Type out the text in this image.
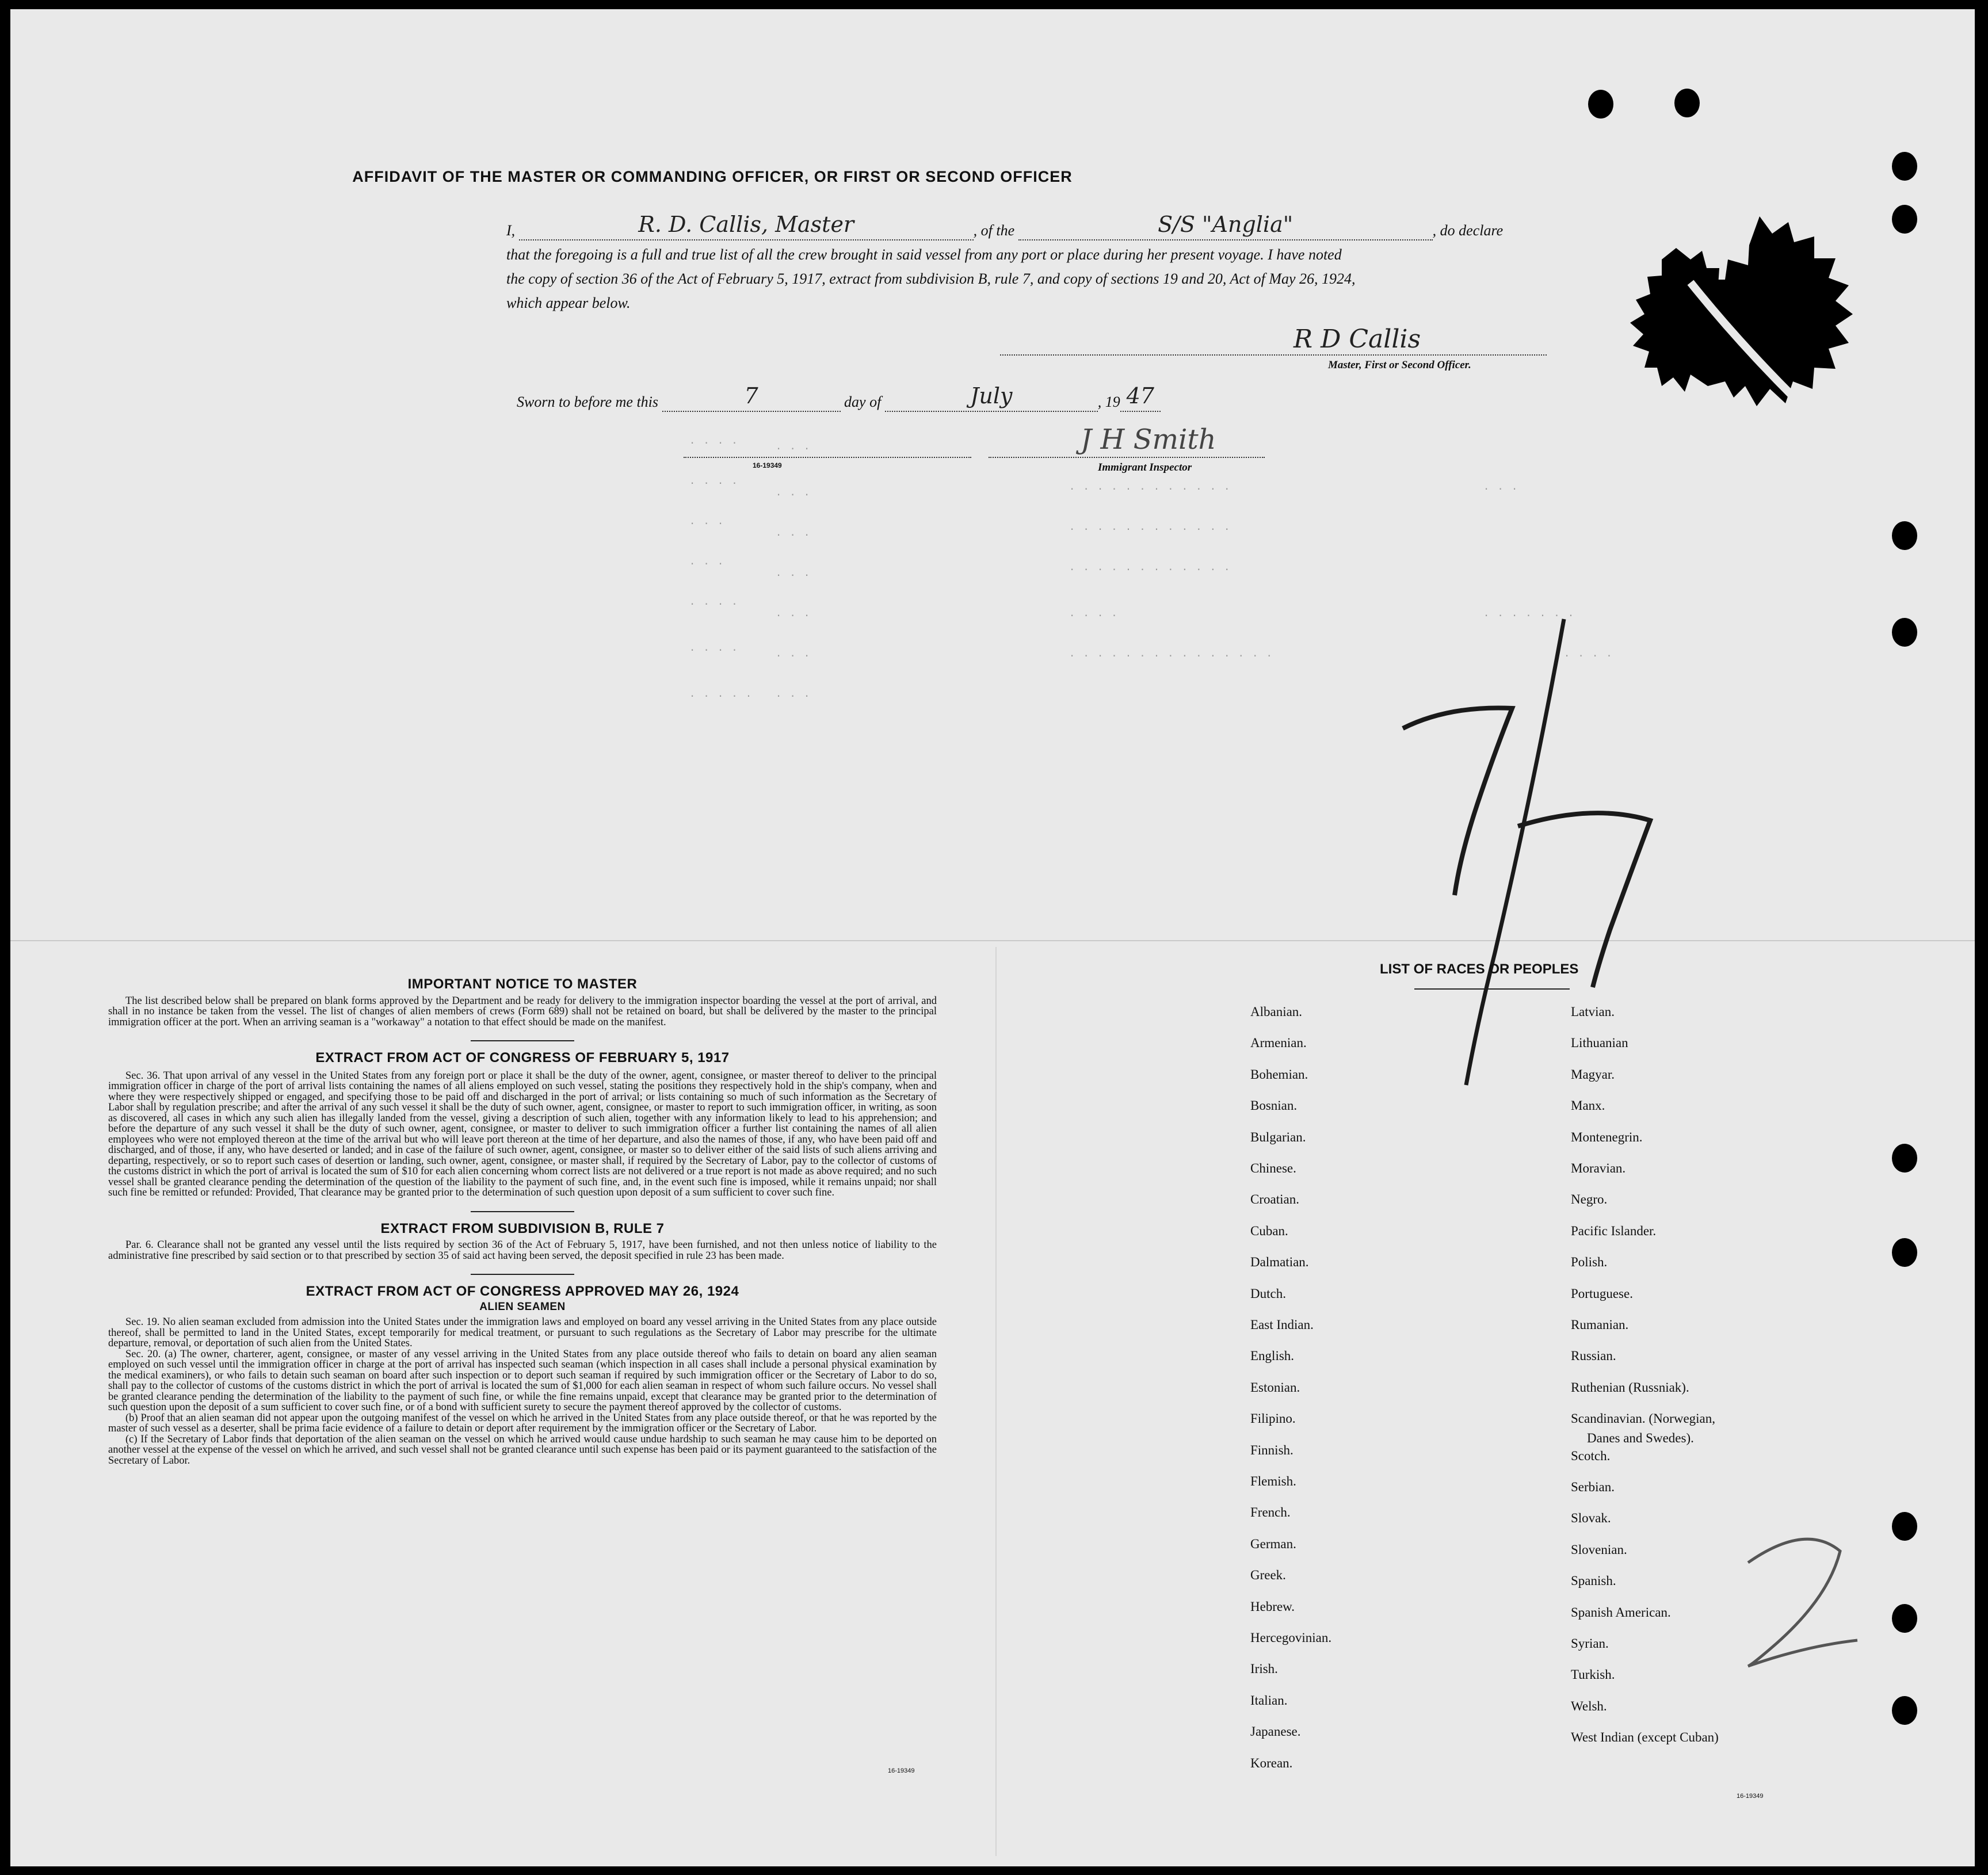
AFFIDAVIT OF THE MASTER OR COMMANDING OFFICER, OR FIRST OR SECOND OFFICER
I,	R. D. Callis, Master	, of the	S/S "Anglia"	, do declare
that the foregoing is a full and true list of all the crew brought in said vessel from any port or place during her present voyage. I have noted
the copy of section 36 of the Act of February 5, 1917, extract from subdivision B, rule 7, and copy of sections 19 and 20, Act of May 26, 1924,
which appear below.
R D Callis
Master, First or Second Officer.
Sworn to before me this	7	day of	July	, 19 47

J H Smith
Immigrant Inspector
16-19349
. . . .
. . . .
. . .
. . .
. . . .
. . . .
. . . . .
. . .
. . .
. . .
. . .
. . .
. . .
. . .
. . . . . . . . . . . .
. . . . . . . . . . . .
. . . . . . . . . . . .
. . . .
. . . . . . . . . . . . . . .
. . .
. . . . . . .
. . . .
IMPORTANT NOTICE TO MASTER

The list described below shall be prepared on blank forms approved by the Department and be ready for delivery to the immigration inspector boarding the vessel at the port of arrival, and shall in no instance be taken from the vessel. The list of changes of alien members of crews (Form 689) shall not be retained on board, but shall be delivered by the master to the principal immigration officer at the port. When an arriving seaman is a "workaway" a notation to that effect should be made on the manifest.

EXTRACT FROM ACT OF CONGRESS OF FEBRUARY 5, 1917

Sec. 36. That upon arrival of any vessel in the United States from any foreign port or place it shall be the duty of the owner, agent, consignee, or master thereof to deliver to the principal immigration officer in charge of the port of arrival lists containing the names of all aliens employed on such vessel, stating the positions they respectively hold in the ship's company, when and where they were respectively shipped or engaged, and specifying those to be paid off and discharged in the port of arrival; or lists containing so much of such information as the Secretary of Labor shall by regulation prescribe; and after the arrival of any such vessel it shall be the duty of such owner, agent, consignee, or master to report to such immigration officer, in writing, as soon as discovered, all cases in which any such alien has illegally landed from the vessel, giving a description of such alien, together with any information likely to lead to his apprehension; and before the departure of any such vessel it shall be the duty of such owner, agent, consignee, or master to deliver to such immigration officer a further list containing the names of all alien employees who were not employed thereon at the time of the arrival but who will leave port thereon at the time of her departure, and also the names of those, if any, who have been paid off and discharged, and of those, if any, who have deserted or landed; and in case of the failure of such owner, agent, consignee, or master so to deliver either of the said lists of such aliens arriving and departing, respectively, or so to report such cases of desertion or landing, such owner, agent, consignee, or master shall, if required by the Secretary of Labor, pay to the collector of customs of the customs district in which the port of arrival is located the sum of $10 for each alien concerning whom correct lists are not delivered or a true report is not made as above required; and no such vessel shall be granted clearance pending the determination of the question of the liability to the payment of such fine, and, in the event such fine is imposed, while it remains unpaid; nor shall such fine be remitted or refunded: Provided, That clearance may be granted prior to the determination of such question upon deposit of a sum sufficient to cover such fine.

EXTRACT FROM SUBDIVISION B, RULE 7

Par. 6. Clearance shall not be granted any vessel until the lists required by section 36 of the Act of February 5, 1917, have been furnished, and not then unless notice of liability to the administrative fine prescribed by said section or to that prescribed by section 35 of said act having been served, the deposit specified in rule 23 has been made.

EXTRACT FROM ACT OF CONGRESS APPROVED MAY 26, 1924
ALIEN SEAMEN

Sec. 19. No alien seaman excluded from admission into the United States under the immigration laws and employed on board any vessel arriving in the United States from any place outside thereof, shall be permitted to land in the United States, except temporarily for medical treatment, or pursuant to such regulations as the Secretary of Labor may prescribe for the ultimate departure, removal, or deportation of such alien from the United States.

Sec. 20. (a) The owner, charterer, agent, consignee, or master of any vessel arriving in the United States from any place outside thereof who fails to detain on board any alien seaman employed on such vessel until the immigration officer in charge at the port of arrival has inspected such seaman (which inspection in all cases shall include a personal physical examination by the medical examiners), or who fails to detain such seaman on board after such inspection or to deport such seaman if required by such immigration officer or the Secretary of Labor to do so, shall pay to the collector of customs of the customs district in which the port of arrival is located the sum of $1,000 for each alien seaman in respect of whom such failure occurs. No vessel shall be granted clearance pending the determination of the liability to the payment of such fine, or while the fine remains unpaid, except that clearance may be granted prior to the determination of such question upon the deposit of a sum sufficient to cover such fine, or of a bond with sufficient surety to secure the payment thereof approved by the collector of customs.

(b) Proof that an alien seaman did not appear upon the outgoing manifest of the vessel on which he arrived in the United States from any place outside thereof, or that he was reported by the master of such vessel as a deserter, shall be prima facie evidence of a failure to detain or deport after requirement by the immigration officer or the Secretary of Labor.

(c) If the Secretary of Labor finds that deportation of the alien seaman on the vessel on which he arrived would cause undue hardship to such seaman he may cause him to be deported on another vessel at the expense of the vessel on which he arrived, and such vessel shall not be granted clearance until such expense has been paid or its payment guaranteed to the satisfaction of the Secretary of Labor.

16-19349
LIST OF RACES OR PEOPLES
16-19349
Albanian.
Armenian.
Bohemian.
Bosnian.
Bulgarian.
Chinese.
Croatian.
Cuban.
Dalmatian.
Dutch.
East Indian.
English.
Estonian.
Filipino.
Finnish.
Flemish.
French.
German.
Greek.
Hebrew.
Hercegovinian.
Irish.
Italian.
Japanese.
Korean.
Latvian.
Lithuanian
Magyar.
Manx.
Montenegrin.
Moravian.
Negro.
Pacific Islander.
Polish.
Portuguese.
Rumanian.
Russian.
Ruthenian (Russniak).
Scandinavian. (Norwegian,
Danes and Swedes).
Scotch.
Serbian.
Slovak.
Slovenian.
Spanish.
Spanish American.
Syrian.
Turkish.
Welsh.
West Indian (except Cuban)
